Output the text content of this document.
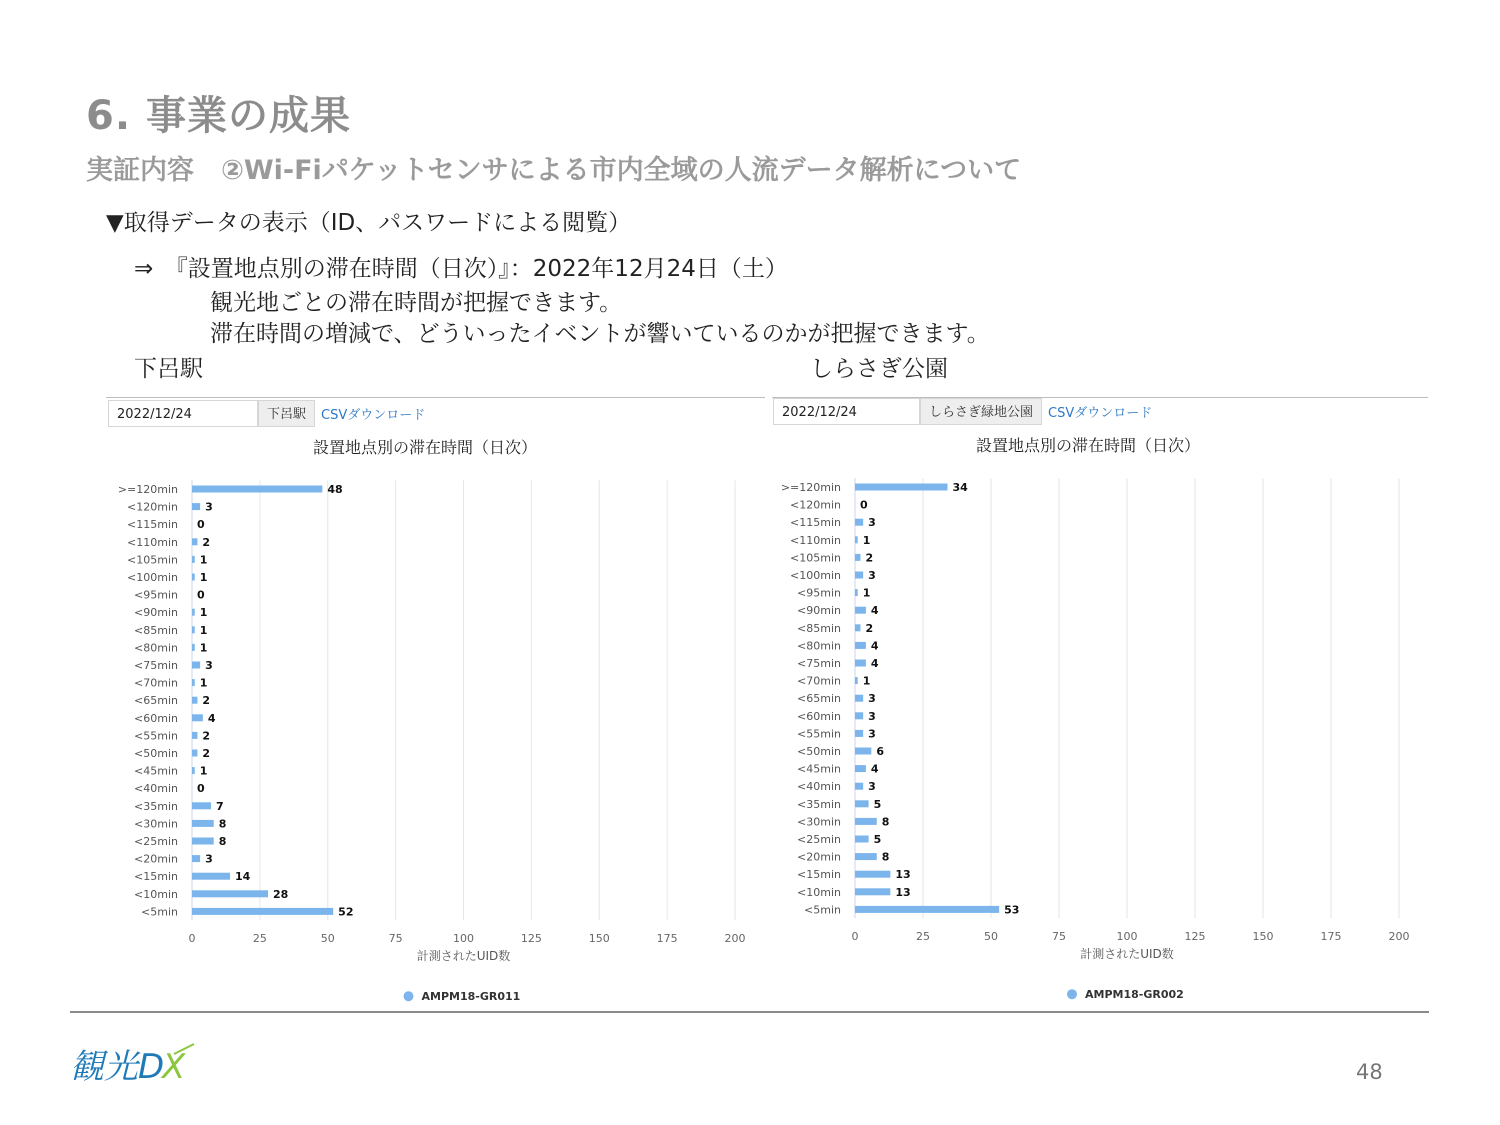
6. 事業の成果
実証内容　②Wi-Fiパケットセンサによる市内全域の人流データ解析について
▼取得データの表示（ID、パスワードによる閲覧）
⇒　『設置地点別の滞在時間（日次）』：2022年12月24日（土）
観光地ごとの滞在時間が把握できます。
滞在時間の増減で、どういったイベントが響いているのかが把握できます。
下呂駅	しらさぎ公園
2022/12/24	下呂駅	CSVダウンロード	2022/12/24	しらさぎ緑地公園	CSVダウンロード
設置地点別の滞在時間（日次）	設置地点別の滞在時間（日次）
0	25	50	75	100	125	150	175	200
>=120min	48
<120min 3
<115min 0
<110min 2
<105min 1
<100min 1
<95min 0
<90min 1
<85min 1
<80min 1
<75min 3
<70min 1
<65min 2
<60min	4
<55min 2
<50min 2
<45min 1
<40min 0
<35min	7
<30min	8
<25min	8
<20min 3
<15min	14
<10min	28
<5min	52
計測されたUID数
AMPM18-GR011
0	25	50	75	100	125	150	175	200
>=120min	34
<120min 0
<115min 3
<110min 1
<105min 2
<100min 3
<95min 1
<90min	4
<85min 2
<80min	4
<75min	4
<70min 1
<65min 3
<60min 3
<55min 3
<50min	6
<45min	4
<40min 3
<35min	5
<30min	8
<25min	5
<20min	8
<15min	13
<10min	13
<5min	53
計測されたUID数
AMPM18-GR002
観光 D
X	48
